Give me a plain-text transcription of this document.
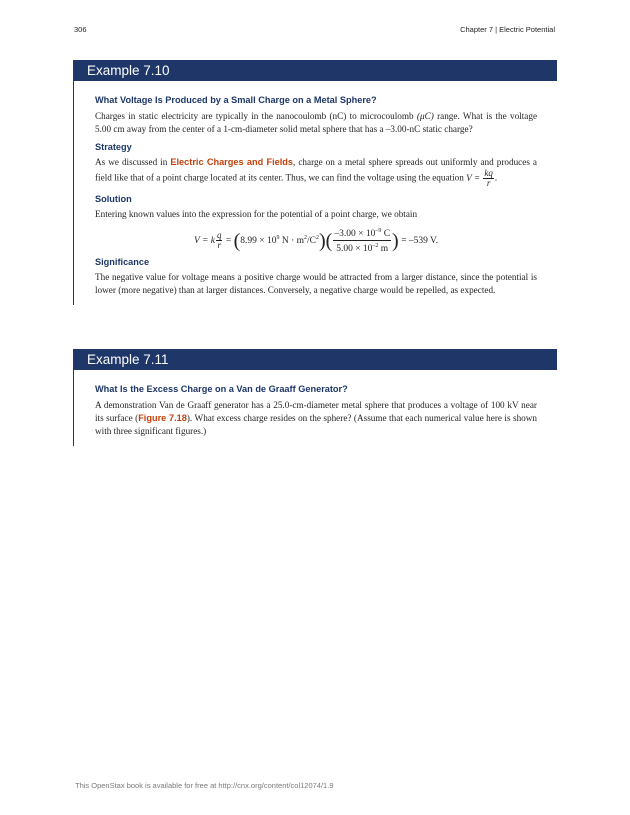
306	Chapter 7 | Electric Potential
Example 7.10
What Voltage Is Produced by a Small Charge on a Metal Sphere?

Charges in static electricity are typically in the nanocoulomb (nC) to microcoulomb (μC) range. What is the voltage 5.00 cm away from the center of a 1-cm-diameter solid metal sphere that has a –3.00-nC static charge?

Strategy

As we discussed in Electric Charges and Fields, charge on a metal sphere spreads out uniformly and produces a field like that of a point charge located at its center. Thus, we can find the voltage using the equation $V = \frac{kq}{r}$ .

Solution

Entering known values into the expression for the potential of a point charge, we obtain

V = k $\frac{q}{r} = (8.99 \times 10^9$ $N \cdot m^2/C^2)( \frac{-3.00 \times 10^{-9} C}{5.00 \times 10^{-2} m}$ ) = –539 V.
Significance

The negative value for voltage means a positive charge would be attracted from a larger distance, since the potential is lower (more negative) than at larger distances. Conversely, a negative charge would be repelled, as expected.

Example 7.11
What Is the Excess Charge on a Van de Graaff Generator?

A demonstration Van de Graaff generator has a 25.0-cm-diameter metal sphere that produces a voltage of 100 kV near its surface (Figure 7.18). What excess charge resides on the sphere? (Assume that each numerical value here is shown with three significant figures.)

This OpenStax book is available for free at http://cnx.org/content/col12074/1.9
